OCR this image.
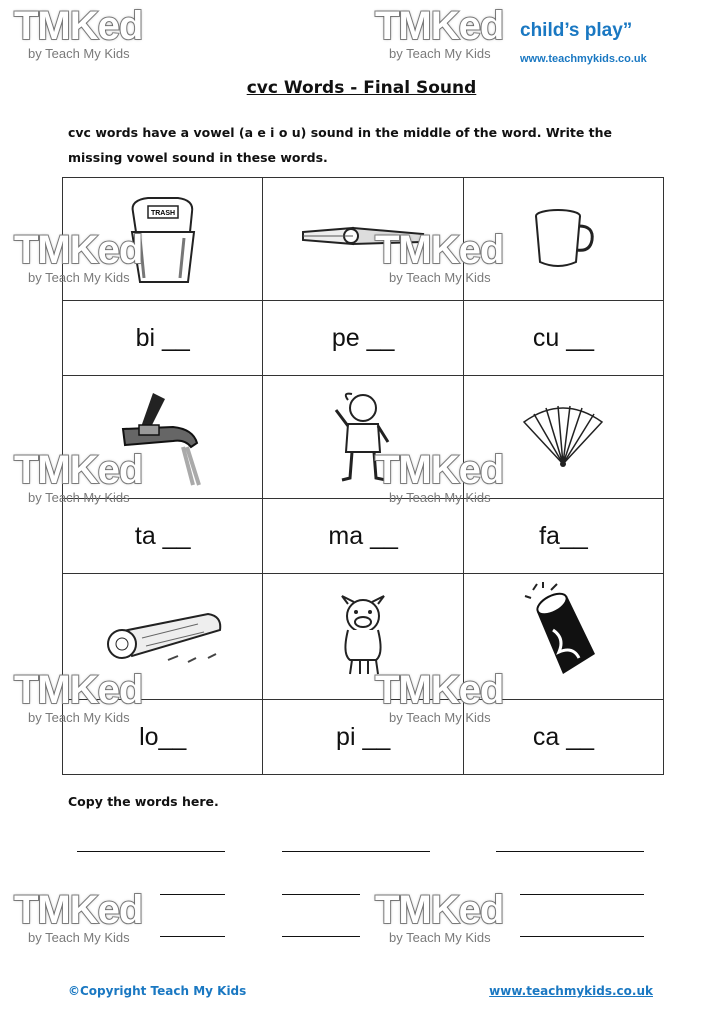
child’s play”
www.teachmykids.co.uk
cvc Words - Final Sound
cvc words have a vowel (a e i o u) sound in the middle of the word. Write the missing vowel sound in these words.
TRASH

bi __	pe __	cu __

ta __	ma __	fa__

lo__	pi __	ca __
Copy the words here.
©Copyright Teach My Kids	www.teachmykids.co.uk
TMKed
by Teach My Kids
TMKed
by Teach My Kids
TMKed
by Teach My Kids
TMKed
by Teach My Kids
TMKed
by Teach My Kids
TMKed
by Teach My Kids
TMKed
by Teach My Kids
TMKed
by Teach My Kids
TMKed
by Teach My Kids
TMKed
by Teach My Kids
